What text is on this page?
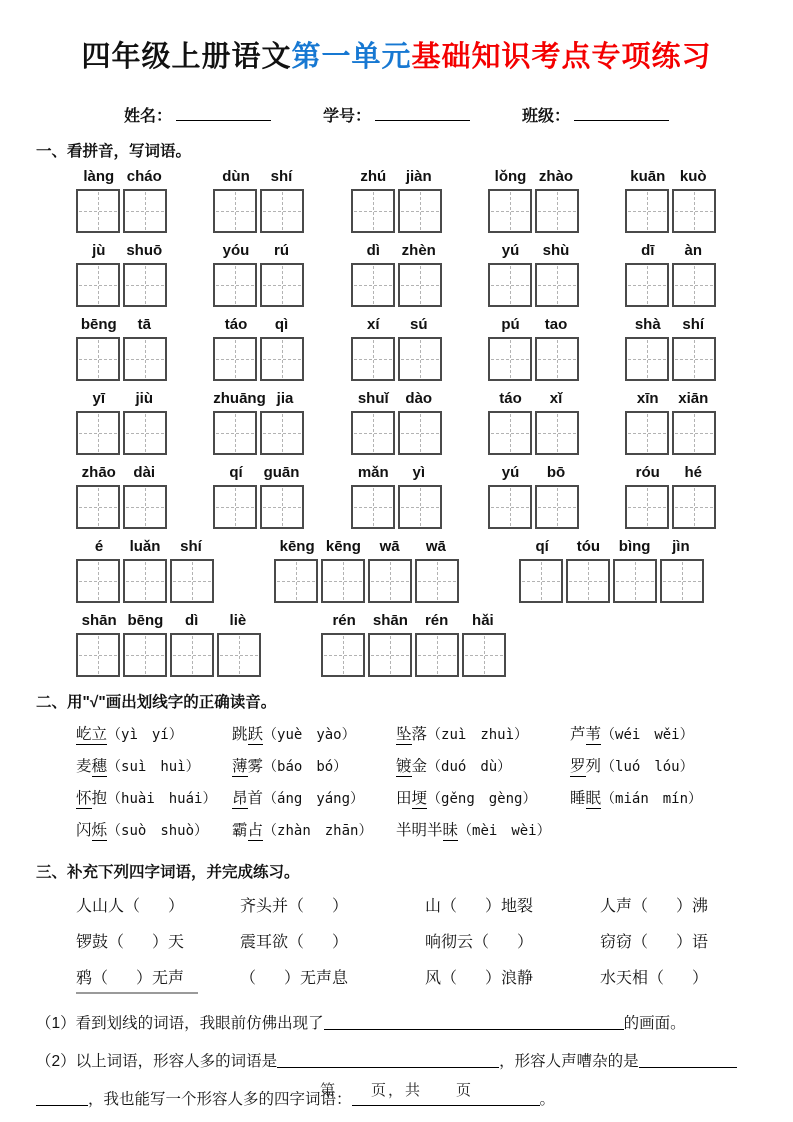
四年级上册语文第一单元基础知识考点专项练习
姓名：	学号：	班级：
一、看拼音，写词语。
làng cháo	dùn	shí	zhú	jiàn	lǒng zhào	kuān kuò
jù	shuō	yóu	rú	dì	zhèn	yú	shù	dī	àn
bēng	tā	táo	qì	xí	sú	pú	tao	shà	shí
yī	jiù	zhuāng jia	shuǐ	dào	táo	xǐ	xīn	xiān
zhāo	dài	qí	guān	mǎn	yì	yú	bō	róu	hé
é	luǎn	shí	kēng kēng	wā	wā	qí	tóu	bìng	jìn
shān bēng	dì	liè	rén	shān	rén	hǎi
二、用"√"画出划线字的正确读音。
屹立（yì　yí）	跳跃（yuè　yào）	坠落（zuì　zhuì）	芦苇（wéi　wěi）
麦穗（suì　huì）	薄雾（báo　bó）	镀金（duó　dù）	罗列（luó　lóu）
怀抱（huài　huái）	昂首（áng　yáng）	田埂（gěng　gèng）	睡眠（mián　mín）
闪烁（suò　shuò）	霸占（zhàn　zhān）	半明半昧（mèi　wèi）
三、补充下列四字词语，并完成练习。
人山人（ ）	齐头并（ ）	山（ ）地裂	人声（ ）沸
锣鼓（ ）天	震耳欲（ ）	响彻云（ ）	窃窃（ ）语
鸦（ ）无声	（ ）无声息	风（ ）浪静	水天相（ ）
（1）看到划线的词语，我眼前仿佛出现了	的画面。
（2）以上词语，形容人多的词语是	，形容人声嘈杂的是
，我也能写一个形容人多的四字词语：	。
第　　页，共　　页
